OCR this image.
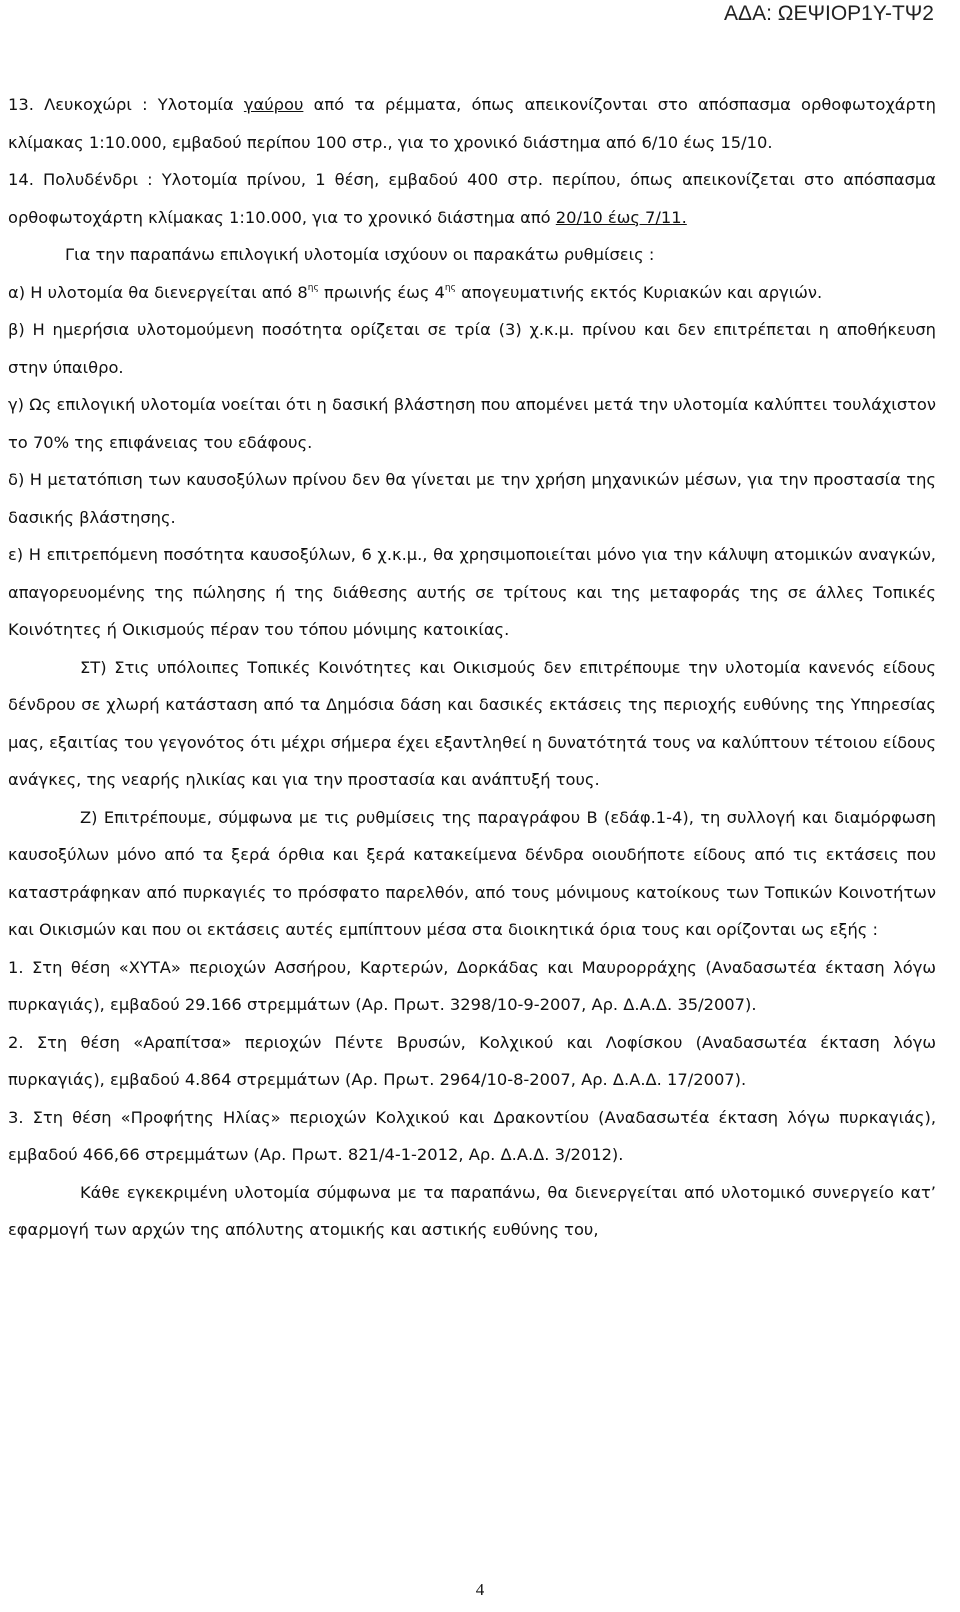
ΑΔΑ: ΩΕΨΙΟΡ1Υ-ΤΨ2

13. Λευκοχώρι : Υλοτομία γαύρου από τα ρέμματα, όπως απεικονίζονται στο απόσπασμα ορθοφωτοχάρτη κλίμακας 1:10.000, εμβαδού περίπου 100 στρ., για το χρονικό διάστημα από 6/10 έως 15/10.

14. Πολυδένδρι : Υλοτομία πρίνου, 1 θέση, εμβαδού 400 στρ. περίπου, όπως απεικονίζεται στο απόσπασμα ορθοφωτοχάρτη κλίμακας 1:10.000, για το χρονικό διάστημα από 20/10 έως 7/11.

Για την παραπάνω επιλογική υλοτομία ισχύουν οι παρακάτω ρυθμίσεις :

α) Η υλοτομία θα διενεργείται από $8^{\eta\varsigma}$ πρωινής έως $4^{\eta\varsigma}$ απογευματινής εκτός Κυριακών και αργιών.

β) Η ημερήσια υλοτομούμενη ποσότητα ορίζεται σε τρία (3) χ.κ.μ. πρίνου και δεν επιτρέπεται η αποθήκευση στην ύπαιθρο.

γ) Ως επιλογική υλοτομία νοείται ότι η δασική βλάστηση που απομένει μετά την υλοτομία καλύπτει τουλάχιστον το 70% της επιφάνειας του εδάφους.

δ) Η μετατόπιση των καυσοξύλων πρίνου δεν θα γίνεται με την χρήση μηχανικών μέσων, για την προστασία της δασικής βλάστησης.

ε) Η επιτρεπόμενη ποσότητα καυσοξύλων, 6 χ.κ.μ., θα χρησιμοποιείται μόνο για την κάλυψη ατομικών αναγκών, απαγορευομένης της πώλησης ή της διάθεσης αυτής σε τρίτους και της μεταφοράς της σε άλλες Τοπικές Κοινότητες ή Οικισμούς πέραν του τόπου μόνιμης κατοικίας.

ΣΤ) Στις υπόλοιπες Τοπικές Κοινότητες και Οικισμούς δεν επιτρέπουμε την υλοτομία κανενός είδους δένδρου σε χλωρή κατάσταση από τα Δημόσια δάση και δασικές εκτάσεις της περιοχής ευθύνης της Υπηρεσίας μας, εξαιτίας του γεγονότος ότι μέχρι σήμερα έχει εξαντληθεί η δυνατότητά τους να καλύπτουν τέτοιου είδους ανάγκες, της νεαρής ηλικίας και για την προστασία και ανάπτυξή τους.

Ζ) Επιτρέπουμε, σύμφωνα με τις ρυθμίσεις της παραγράφου Β (εδάφ.1-4), τη συλλογή και διαμόρφωση καυσοξύλων μόνο από τα ξερά όρθια και ξερά κατακείμενα δένδρα οιουδήποτε είδους από τις εκτάσεις που καταστράφηκαν από πυρκαγιές το πρόσφατο παρελθόν, από τους μόνιμους κατοίκους των Τοπικών Κοινοτήτων και Οικισμών και που οι εκτάσεις αυτές εμπίπτουν μέσα στα διοικητικά όρια τους και ορίζονται ως εξής :

1. Στη θέση «ΧΥΤΑ» περιοχών Ασσήρου, Καρτερών, Δορκάδας και Μαυρορράχης (Αναδασωτέα έκταση λόγω πυρκαγιάς), εμβαδού 29.166 στρεμμάτων (Αρ. Πρωτ. 3298/10-9-2007, Αρ. Δ.Α.Δ. 35/2007).

2. Στη θέση «Αραπίτσα» περιοχών Πέντε Βρυσών, Κολχικού και Λοφίσκου (Αναδασωτέα έκταση λόγω πυρκαγιάς), εμβαδού 4.864 στρεμμάτων (Αρ. Πρωτ. 2964/10-8-2007, Αρ. Δ.Α.Δ. 17/2007).

3. Στη θέση «Προφήτης Ηλίας» περιοχών Κολχικού και Δρακοντίου (Αναδασωτέα έκταση λόγω πυρκαγιάς), εμβαδού 466,66 στρεμμάτων (Αρ. Πρωτ. 821/4-1-2012, Αρ. Δ.Α.Δ. 3/2012).

Κάθε εγκεκριμένη υλοτομία σύμφωνα με τα παραπάνω, θα διενεργείται από υλοτομικό συνεργείο κατ’ εφαρμογή των αρχών της απόλυτης ατομικής και αστικής ευθύνης του,

4
